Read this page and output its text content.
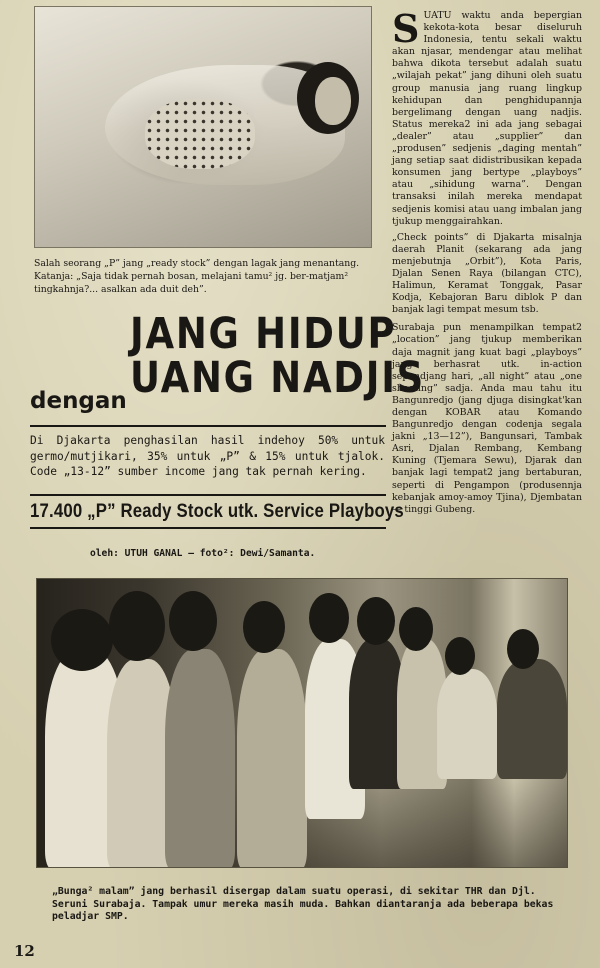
Salah seorang „P” jang „ready stock” dengan lagak jang menantang. Katanja: „Saja tidak pernah bosan, melajani tamu² jg. ber-matjam² tingkahnja?... asalkan ada duit deh”.

SUATU waktu anda bepergian kekota-kota besar diseluruh Indonesia, tentu sekali waktu akan njasar, mendengar atau melihat bahwa dikota tersebut adalah suatu „wilajah pekat” jang dihuni oleh suatu group manusia jang ruang lingkup kehidupan dan penghidupannja bergelimang dengan uang nadjis. Status mereka2 ini ada jang sebagai „dealer” atau „supplier” dan „produsen” sedjenis „daging mentah” jang setiap saat didistribusikan kepada konsumen jang bertype „playboys” atau „sihidung warna”. Dengan transaksi inilah mereka mendapat sedjenis komisi atau uang imbalan jang tjukup menggairahkan.

„Check points” di Djakarta misalnja daerah Planit (sekarang ada jang menjebutnja „Orbit”), Kota Paris, Djalan Senen Raya (bilangan CTC), Halimun, Keramat Tonggak, Pasar Kodja, Kebajoran Baru diblok P dan banjak lagi tempat mesum tsb.

Surabaja pun menampilkan tempat2 „location” jang tjukup memberikan daja magnit jang kuat bagi „playboys” jang berhasrat utk. in-action sepandjang hari, „all night” atau „one shooting” sadja. Anda mau tahu itu Bangunredjo (jang djuga disingkat'kan dengan KOBAR atau Komando Bangunredjo dengan codenja segala jakni „13—12”), Bangunsari, Tambak Asri, Djalan Rembang, Kembang Kuning (Tjemara Sewu), Djarak dan banjak lagi tempat2 jang bertaburan, seperti di Pengampon (produsennja kebanjak amoy-amoy Tjina), Djembatan — tinggi Gubeng.

JANG HIDUP
UANG NADJIS
dengan
Di Djakarta penghasilan hasil indehoy 50% untuk germo/mutjikari, 35% untuk „P” & 15% untuk tjalok. Code „13-12” sumber income jang tak pernah kering.
17.400 „P” Ready Stock utk. Service Playboys
oleh: UTUH GANAL — foto²: Dewi/Samanta.
„Bunga² malam” jang berhasil disergap dalam suatu operasi, di sekitar THR dan Djl. Seruni Surabaja. Tampak umur mereka masih muda. Bahkan diantaranja ada beberapa bekas peladjar SMP.
12
